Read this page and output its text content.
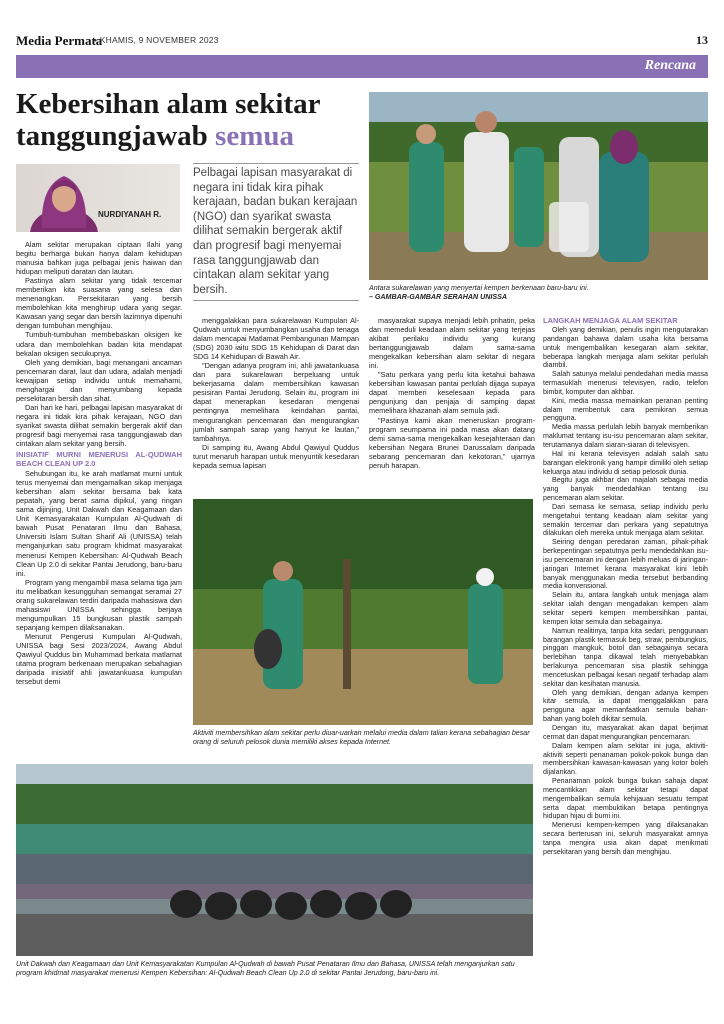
Media Permata
• KHAMIS, 9 NOVEMBER 2023	13
Rencana
Kebersihan alam sekitar tanggungjawab semua
NURDIYANAH R.
Pelbagai lapisan masyarakat di negara ini tidak kira pihak kerajaan, badan bukan kerajaan (NGO) dan syarikat swasta dilihat semakin bergerak aktif dan progresif bagi menyemai rasa tanggungjawab dan cintakan alam sekitar yang bersih.	Antara sukarelawan yang menyertai kempen berkenaan baru-baru ini.
– GAMBAR-GAMBAR SERAHAN UNISSA

Alam sekitar merupakan ciptaan Ilahi yang begitu berharga bukan hanya dalam kehidupan manusia bahkan juga pelbagai jenis haiwan dan hidupan meliputi daratan dan lautan.

Pastinya alam sekitar yang tidak tercemar memberikan kita suasana yang selesa dan menenangkan. Persekitaran yang bersih membolehkan kita menghirup udara yang segar. Kawasan yang segar dan bersih lazimnya dipenuhi dengan tumbuhan menghijau.

Tumbuh-tumbuhan membebaskan oksigen ke udara dan membolehkan badan kita mendapat bekalan oksigen secukupnya.

Oleh yang demikian, bagi menangani ancaman pencemaran darat, laut dan udara, adalah menjadi kewajipan setiap individu untuk memahami, menghargai dan menyumbang kepada persekitaran bersih dan sihat.

Dari hari ke hari, pelbagai lapisan masyarakat di negara ini tidak kira pihak kerajaan, NGO dan syarikat swasta dilihat semakin bergerak aktif dan progresif bagi menyemai rasa tanggungjawab dan cintakan alam sekitar yang bersih.

INISIATIF MURNI MENERUSI AL-QUDWAH BEACH CLEAN UP 2.0

Sehubungan itu, ke arah matlamat murni untuk terus menyemai dan mengamalkan sikap menjaga kebersihan alam sekitar bersama bak kata pepatah, yang berat sama dipikul, yang ringan sama dijinjing, Unit Dakwah dan Keagamaan dan Unit Kemasyarakatan Kumpulan Al-Qudwah di bawah Pusat Penataran Ilmu dan Bahasa, Universiti Islam Sultan Sharif Ali (UNISSA) telah menganjurkan satu program khidmat masyarakat menerusi Kempen Kebersihan: Al-Qudwah Beach Clean Up 2.0 di sekitar Pantai Jerudong, baru-baru ini.

Program yang mengambil masa selama tiga jam itu melibatkan kesungguhan semangat seramai 27 orang sukarelawan terdiri daripada mahasiswa dan mahasiswi UNISSA sehingga berjaya mengumpulkan 15 bungkusan plastik sampah sepanjang kempen dilaksanakan.

Menurut Pengerusi Kumpulan Al-Qudwah, UNISSA bagi Sesi 2023/2024, Awang Abdul Qawiyul Quddus bin Muhammad berkata matlamat utama program berkenaan merupakan sebahagian daripada inisiatif ahli jawatankuasa kumpulan tersebut demi

menggalakkan para sukarelawan Kumpulan Al-Qudwah untuk menyumbangkan usaha dan tenaga dalam mencapai Matlamat Pembangunan Mampan (SDG) 2030 iaitu SDG 15 Kehidupan di Darat dan SDG 14 Kehidupan di Bawah Air.

"Dengan adanya program ini, ahli jawatankuasa dan para sukarelawan berpeluang untuk bekerjasama dalam membersihkan kawasan pesisiran Pantai Jerudong. Selain itu, program ini dapat menerapkan kesedaran mengenai pentingnya memelihara keindahan pantai, mengurangkan pencemaran dan mengurangkan jumlah sampah sarap yang hanyut ke lautan," tambahnya.

Di samping itu, Awang Abdul Qawiyul Quddus turut menaruh harapan untuk menyuntik kesedaran kepada semua lapisan

masyarakat supaya menjadi lebih prihatin, peka dan memeduli keadaan alam sekitar yang terjejas akibat perilaku individu yang kurang bertanggungjawab dalam sama-sama mengekalkan kebersihan alam sekitar di negara ini.

"Satu perkara yang perlu kita ketahui bahawa kebersihan kawasan pantai perlulah dijaga supaya dapat memberi keselesaan kepada para pengunjung dan penjaja di samping dapat memelihara khazanah alam semula jadi.

"Pastinya kami akan meneruskan program-program seumpama ini pada masa akan datang demi sama-sama mengekalkan kesejahteraan dan kebersihan Negara Brunei Darussalam daripada sebarang pencemaran dan kekotoran," ujarnya penuh harapan.

LANGKAH MENJAGA ALAM SEKITAR

Oleh yang demikian, penulis ingin mengutarakan pandangan bahawa dalam usaha kita bersama untuk mengembalikan kesegaran alam sekitar, beberapa langkah menjaga alam sekitar perlulah diambil.

Salah satunya melalui pendedahan media massa termasuklah menerusi televisyen, radio, telefon bimbit, komputer dan akhbar.

Kini, media massa memainkan peranan penting dalam membentuk cara pemikiran semua pengguna.

Media massa perlulah lebih banyak memberikan maklumat tentang isu-isu pencemaran alam sekitar, terutamanya dalam siaran-siaran di televisyen.

Hal ini kerana televisyen adalah salah satu barangan elektronik yang hampir dimiliki oleh setiap keluarga atau individu di setiap pelosok dunia.

Begitu juga akhbar dan majalah sebagai media yang banyak mendedahkan tentang isu pencemaran alam sekitar.

Dari semasa ke semasa, setiap individu perlu mengetahui tentang keadaan alam sekitar yang semakin tercemar dan perkara yang sepatutnya dilakukan oleh mereka untuk menjaga alam sekitar.

Seiring dengan peredaran zaman, pihak-pihak berkepentingan sepatutnya perlu mendedahkan isu-isu pencemaran ini dengan lebih meluas di jaringan-jaringan Internet kerana masyarakat kini lebih banyak menggunakan media tersebut berbanding media konvensional.

Selain itu, antara langkah untuk menjaga alam sekitar ialah dengan mengadakan kempen alam sekitar seperti kempen membersihkan pantai, kempen kitar semula dan sebagainya.

Namun realitinya, tanpa kita sedari, penggunaan barangan plastik termasuk beg, straw, pembungkus, pinggan mangkuk, botol dan sebagainya secara berlebihan tanpa dikawal telah menyebabkan berlakunya pencemaran sisa plastik sehingga mencetuskan pelbagai kesan negatif terhadap alam sekitar dan kesihatan manusia.

Oleh yang demikian, dengan adanya kempen kitar semula, ia dapat menggalakkan para pengguna agar memanfaatkan semula bahan-bahan yang boleh dikitar semula.

Dengan itu, masyarakat akan dapat berjimat cermat dan dapat mengurangkan pencemaran.

Dalam kempen alam sekitar ini juga, aktiviti-aktiviti seperti penanaman pokok-pokok bunga dan membersihkan kawasan-kawasan yang kotor boleh dijalankan.

Penanaman pokok bunga bukan sahaja dapat mencantikkan alam sekitar tetapi dapat mengembalikan semula kehijauan sesuatu tempat serta dapat membuktikan betapa pentingnya hidupan hijau di bumi ini.

Menerusi kempen-kempen yang dilaksanakan secara berterusan ini, seluruh masyarakat amnya tanpa mengira usia akan dapat menikmati persekitaran yang bersih dan menghijau.

Aktiviti membersihkan alam sekitar perlu diuar-uarkan melalui media dalam talian kerana sebahagian besar orang di seluruh pelosok dunia memiliki akses kepada Internet.
Unit Dakwah dan Keagamaan dan Unit Kemasyarakatan Kumpulan Al-Qudwah di bawah Pusat Penataran Ilmu dan Bahasa, UNISSA telah menganjurkan satu program khidmat masyarakat menerusi Kempen Kebersihan: Al-Qudwah Beach Clean Up 2.0 di sekitar Pantai Jerudong, baru-baru ini.
